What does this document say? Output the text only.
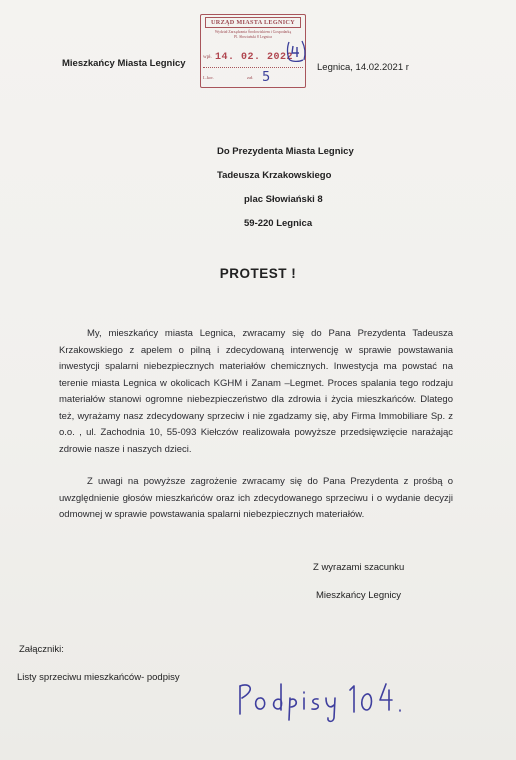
Mieszkańcy Miasta Legnicy
URZĄD MIASTA LEGNICY
Wydział Zarządzania Środowiskiem i Gospodarką
Pl. Słowiański 8 Legnica
wpł. 14. 02. 2022
L.kor.	zał. 5
Legnica, 14.02.2021 r
Do Prezydenta Miasta Legnicy
Tadeusza Krzakowskiego
plac Słowiański 8
59-220 Legnica
PROTEST !
My, mieszkańcy miasta Legnica, zwracamy się do Pana Prezydenta Tadeusza Krzakowskiego z apelem o pilną i zdecydowaną interwencję w sprawie powstawania inwestycji spalarni niebezpiecznych materiałów chemicznych. Inwestycja ma powstać na terenie miasta Legnica w okolicach KGHM i Zanam –Legmet. Proces spalania tego rodzaju materiałów stanowi ogromne niebezpieczeństwo dla zdrowia i życia mieszkańców. Dlatego też, wyrażamy nasz zdecydowany sprzeciw i nie zgadzamy się, aby Firma Immobiliare Sp. z o.o. , ul. Zachodnia 10, 55-093 Kiełczów realizowała powyższe przedsięwzięcie narażając zdrowie nasze i naszych dzieci.
Z uwagi na powyższe zagrożenie zwracamy się do Pana Prezydenta z prośbą o uwzględnienie głosów mieszkańców oraz ich zdecydowanego sprzeciwu i o wydanie decyzji odmownej w sprawie powstawania spalarni niebezpiecznych materiałów.
Z wyrazami szacunku
Mieszkańcy Legnicy
Załączniki:
Listy sprzeciwu mieszkańców- podpisy	Podpisy 104.
